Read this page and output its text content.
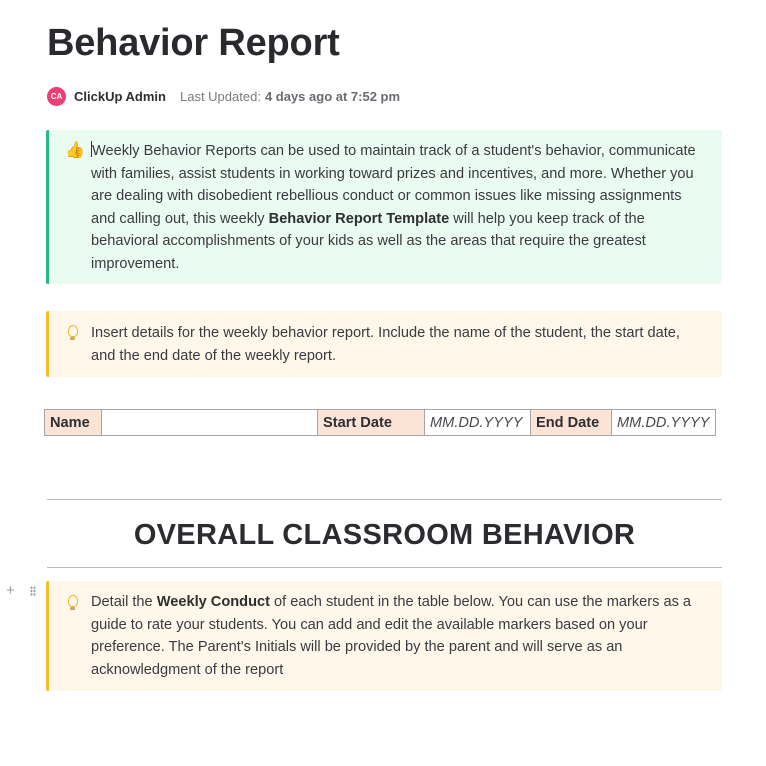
Behavior Report
CA ClickUp Admin Last Updated: 4 days ago at 7:52 pm
👍 Weekly Behavior Reports can be used to maintain track of a student's behavior, communicate with families, assist students in working toward prizes and incentives, and more. Whether you are dealing with disobedient rebellious conduct or common issues like missing assignments and calling out, this weekly Behavior Report Template will help you keep track of the behavioral accomplishments of your kids as well as the areas that require the greatest improvement.
Insert details for the weekly behavior report. Include the name of the student, the start date, and the end date of the weekly report.
Name		Start Date	MM.DD.YYYY	End Date	MM.DD.YYYY
OVERALL CLASSROOM BEHAVIOR
+
Detail the Weekly Conduct of each student in the table below. You can use the markers as a guide to rate your students. You can add and edit the available markers based on your preference. The Parent's Initials will be provided by the parent and will serve as an acknowledgment of the report
